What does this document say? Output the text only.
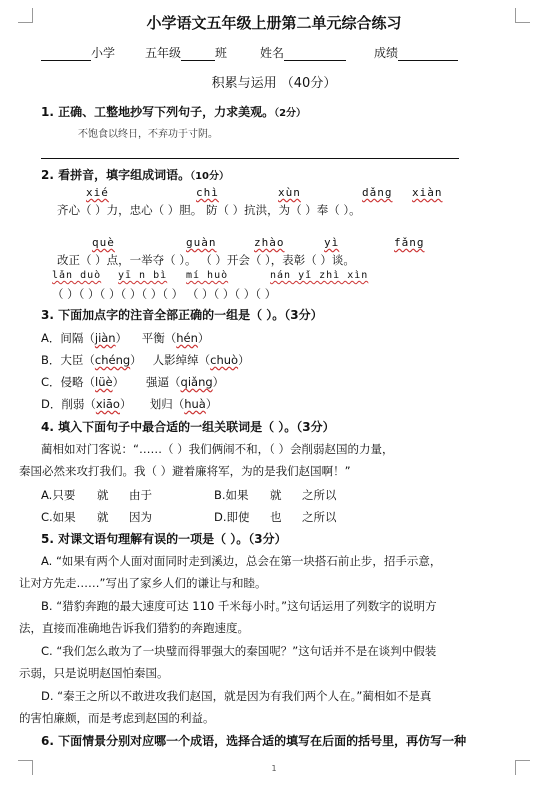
小学语文五年级上册第二单元综合练习
小学 五年级	班	姓名	成绩
积累与运用 （40分）
1. 正确、工整地抄写下列句子，力求美观。（2分）
不饱食以终日，不弃功于寸阴。
2. 看拼音，填字组成词语。（10分）
xié	chì	xùn	dǎng xiàn
齐心（ ）力，忠心（ ）胆。 防（ ）抗洪，为（ ）奉（ ）。
què	guàn	zhào	yì	fǎng
改正（ ）点，一举夺（ ）。 （ ）开会（ ），表彰（ ）谈。
lǎn duò yī n bì mí huò	nán yǐ zhì xìn
（ ）（ ）（ ）（ ）（ ）（ ） （ ）（ ）（ ）（ ）
3. 下面加点字的注音全部正确的一组是（ ）。（3分）
A．间隔（jiàn）    平衡（hén）
B．大臣（chéng）   人影绰绰（chuò）
C．侵略（lüè）      强逼（qiǎng）
D．削弱（xiāo）     划归（huà）
4. 填入下面句子中最合适的一组关联词是（ ）。（3分）
蔺相如对门客说：“……（ ）我们俩闹不和，（ ）会削弱赵国的力量，
秦国必然来攻打我们。我（ ）避着廉将军，为的是我们赵国啊！”
A.只要 就 由于	B.如果 就 之所以
C.如果 就 因为	D.即使 也 之所以
5. 对课文语句理解有误的一项是（ ）。（3分）
A. “如果有两个人面对面同时走到溪边，总会在第一块搭石前止步，招手示意，
让对方先走……”写出了家乡人们的谦让与和睦。
B. “猎豹奔跑的最大速度可达 110 千米每小时。”这句话运用了列数字的说明方
法，直接而准确地告诉我们猎豹的奔跑速度。
C. “我们怎么敢为了一块璧而得罪强大的秦国呢？”这句话并不是在谈判中假装
示弱，只是说明赵国怕秦国。
D. “秦王之所以不敢进攻我们赵国，就是因为有我们两个人在。”蔺相如不是真
的害怕廉颇，而是考虑到赵国的利益。
6. 下面情景分别对应哪一个成语，选择合适的填写在后面的括号里，再仿写一种
1
